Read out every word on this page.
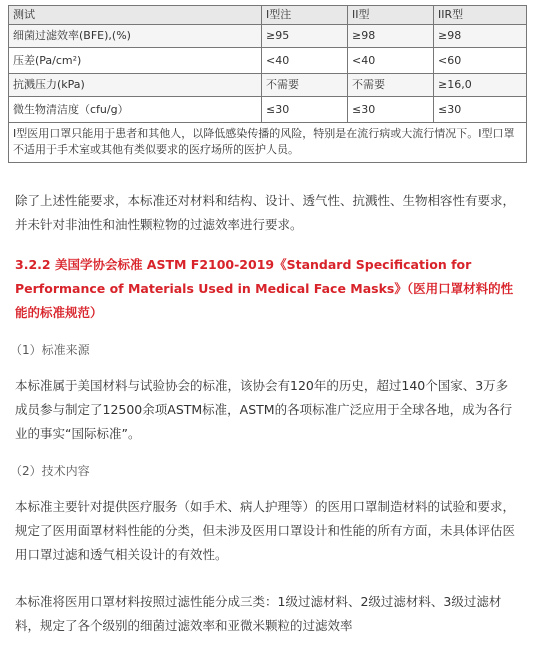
测试	I型注	II型	IIR型
细菌过滤效率(BFE),(%)	≥95	≥98	≥98
压差(Pa/cm²)	<40	<40	<60
抗溅压力(kPa)	不需要	不需要	≥16,0
微生物清洁度（cfu/g）	≤30	≤30	≤30
I型医用口罩只能用于患者和其他人，以降低感染传播的风险，特别是在流行病或大流行情况下。I型口罩不适用于手术室或其他有类似要求的医疗场所的医护人员。			

除了上述性能要求，本标准还对材料和结构、设计、透气性、抗溅性、生物相容性有要求，并未针对非油性和油性颗粒物的过滤效率进行要求。

3.2.2 美国学协会标准 ASTM F2100-2019《Standard Specification for Performance of Materials Used in Medical Face Masks》（医用口罩材料的性能的标准规范）

（1）标准来源

本标准属于美国材料与试验协会的标准，该协会有120年的历史，超过140个国家、3万多成员参与制定了12500余项ASTM标准，ASTM的各项标准广泛应用于全球各地，成为各行业的事实“国际标准”。

（2）技术内容

本标准主要针对提供医疗服务（如手术、病人护理等）的医用口罩制造材料的试验和要求，规定了医用面罩材料性能的分类，但未涉及医用口罩设计和性能的所有方面，未具体评估医用口罩过滤和透气相关设计的有效性。

本标准将医用口罩材料按照过滤性能分成三类：1级过滤材料、2级过滤材料、3级过滤材料，规定了各个级别的细菌过滤效率和亚微米颗粒的过滤效率
